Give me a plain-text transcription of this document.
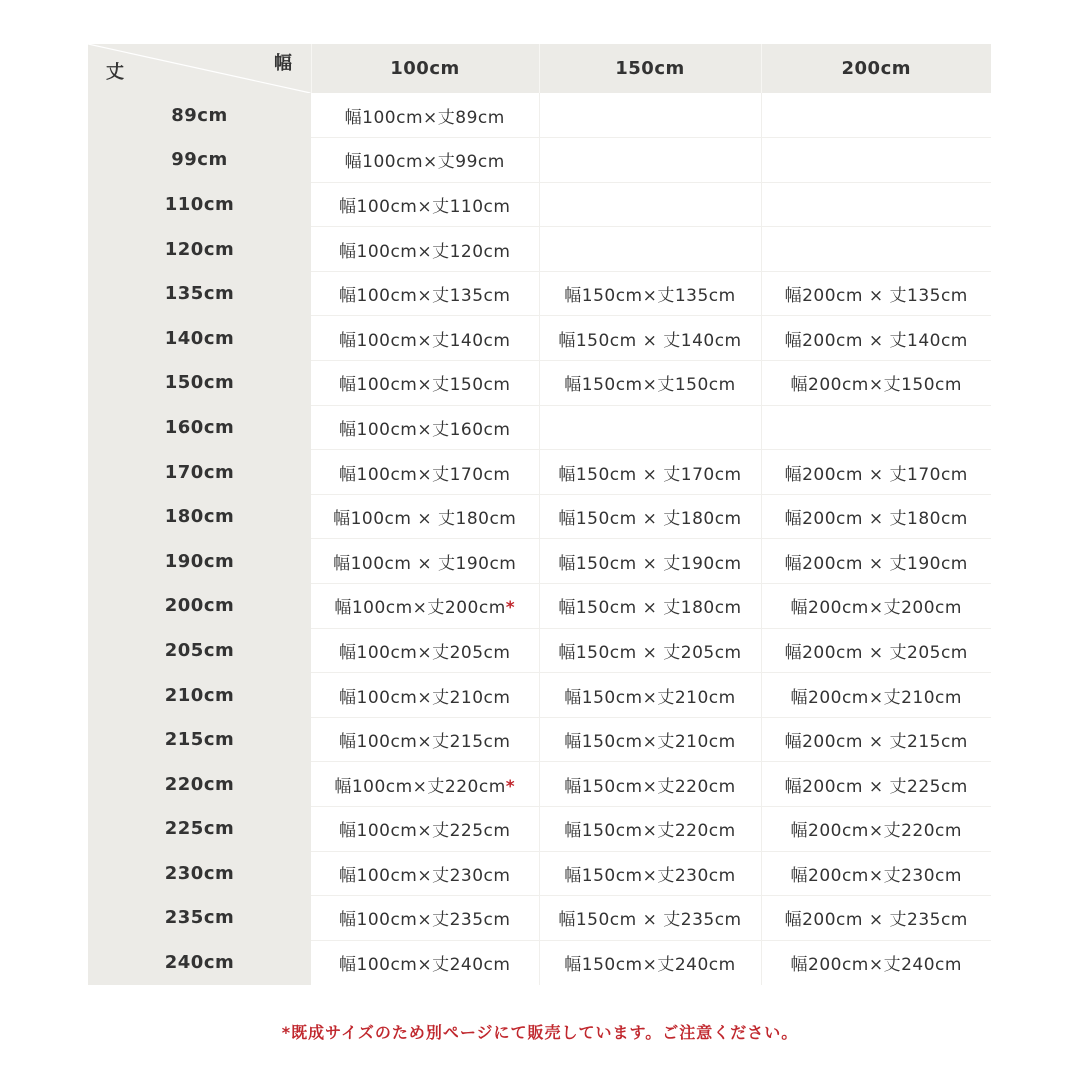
幅
丈	100cm	150cm	200cm
89cm	幅100cm×丈89cm		
99cm	幅100cm×丈99cm		
110cm	幅100cm×丈110cm		
120cm	幅100cm×丈120cm		
135cm	幅100cm×丈135cm	幅150cm×丈135cm	幅200cm × 丈135cm
140cm	幅100cm×丈140cm	幅150cm × 丈140cm	幅200cm × 丈140cm
150cm	幅100cm×丈150cm	幅150cm×丈150cm	幅200cm×丈150cm
160cm	幅100cm×丈160cm		
170cm	幅100cm×丈170cm	幅150cm × 丈170cm	幅200cm × 丈170cm
180cm	幅100cm × 丈180cm	幅150cm × 丈180cm	幅200cm × 丈180cm
190cm	幅100cm × 丈190cm	幅150cm × 丈190cm	幅200cm × 丈190cm
200cm	幅100cm×丈200cm*	幅150cm × 丈180cm	幅200cm×丈200cm
205cm	幅100cm×丈205cm	幅150cm × 丈205cm	幅200cm × 丈205cm
210cm	幅100cm×丈210cm	幅150cm×丈210cm	幅200cm×丈210cm
215cm	幅100cm×丈215cm	幅150cm×丈210cm	幅200cm × 丈215cm
220cm	幅100cm×丈220cm*	幅150cm×丈220cm	幅200cm × 丈225cm
225cm	幅100cm×丈225cm	幅150cm×丈220cm	幅200cm×丈220cm
230cm	幅100cm×丈230cm	幅150cm×丈230cm	幅200cm×丈230cm
235cm	幅100cm×丈235cm	幅150cm × 丈235cm	幅200cm × 丈235cm
240cm	幅100cm×丈240cm	幅150cm×丈240cm	幅200cm×丈240cm
*既成サイズのため別ページにて販売しています。ご注意ください。
